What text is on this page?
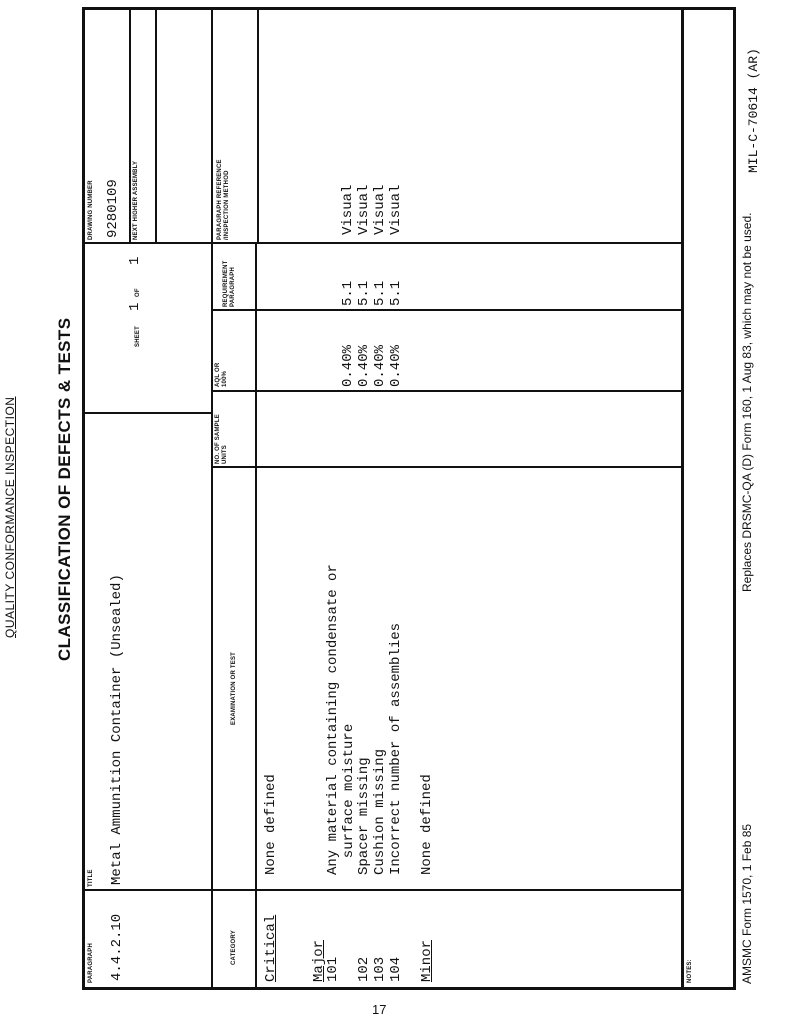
QUALITY CONFORMANCE INSPECTION CLASSIFICATION OF DEFECTS & TESTS
MIL-C-70614 (AR)
PARAGRAPH 4.4.2.10
TITLE Metal Ammunition Container (Unsealed)
SHEET
1
OF
1
DRAWING NUMBER 9280109 NEXT HIGHER ASSEMBLY
CATEGORY
EXAMINATION OR TEST
NO. OF SAMPLE UNITS
AQL OR 100%
REQUIREMENT PARAGRAPH
PARAGRAPH REFERENCE /INSPECTION METHOD
Critical
None defined
Major
101 102 103 104
Any material containing condensate or
surface moisture Spacer missing Cushion missing Incorrect number of assemblies
0.40% 0.40% 0.40% 0.40%
5.1 5.1 5.1 5.1
Visual Visual Visual Visual
Minor
None defined
NOTES:	AMSMC Form 1570, 1 Feb 85
Replaces DRSMC-QA (D) Form 160, 1 Aug 83, which may not be used.
17
